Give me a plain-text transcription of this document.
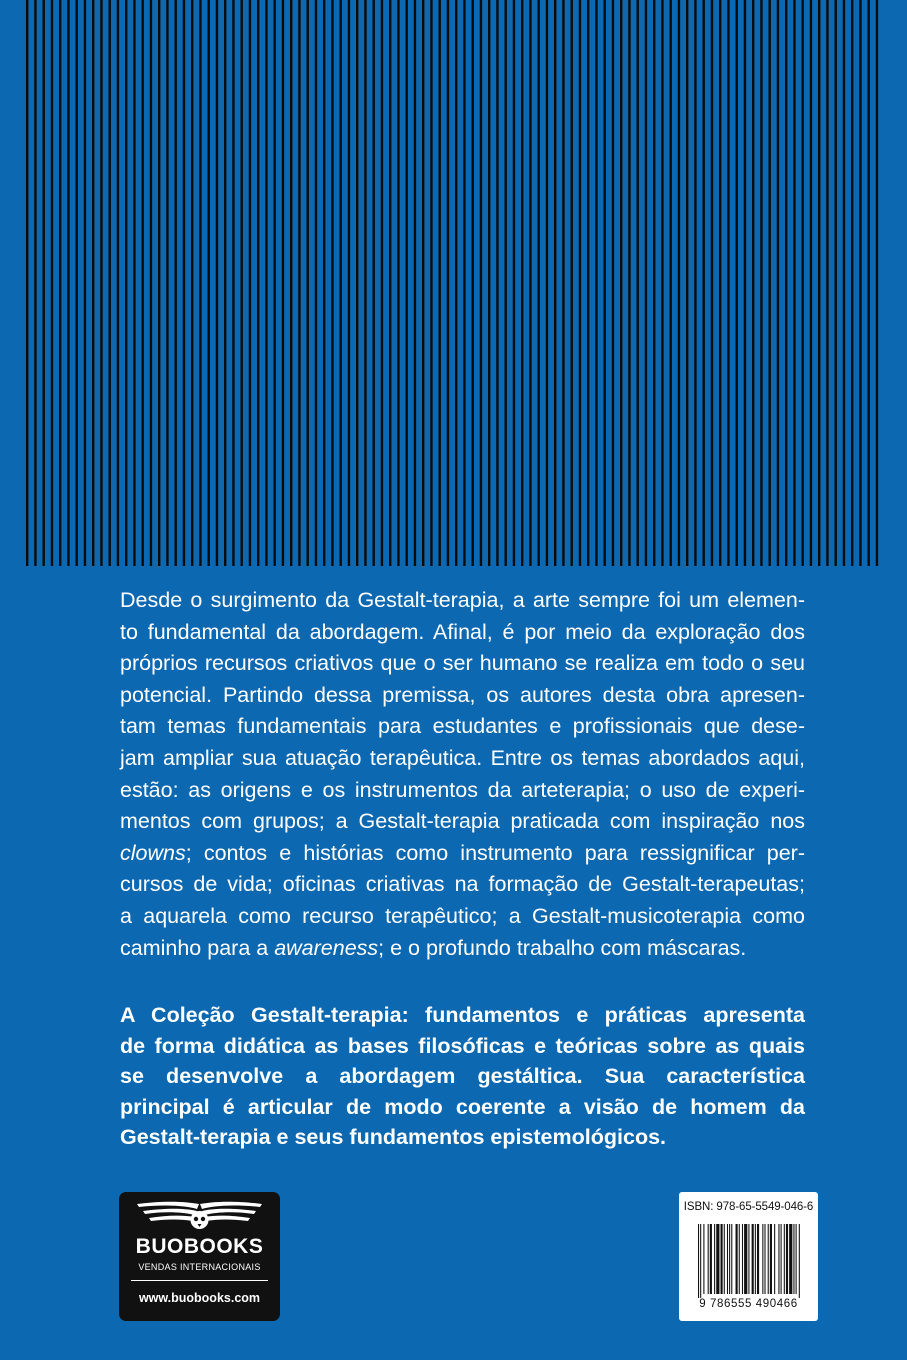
Desde o surgimento da Gestalt-terapia, a arte sempre foi um elemen-
to fundamental da abordagem. Afinal, é por meio da exploração dos
próprios recursos criativos que o ser humano se realiza em todo o seu
potencial. Partindo dessa premissa, os autores desta obra apresen-
tam temas fundamentais para estudantes e profissionais que dese-
jam ampliar sua atuação terapêutica. Entre os temas abordados aqui,
estão: as origens e os instrumentos da arteterapia; o uso de experi-
mentos com grupos; a Gestalt-terapia praticada com inspiração nos
clowns; contos e histórias como instrumento para ressignificar per-
cursos de vida; oficinas criativas na formação de Gestalt-terapeutas;
a aquarela como recurso terapêutico; a Gestalt-musicoterapia como
caminho para a awareness; e o profundo trabalho com máscaras.
A Coleção Gestalt-terapia: fundamentos e práticas apresenta
de forma didática as bases filosóficas e teóricas sobre as quais
se desenvolve a abordagem gestáltica. Sua característica
principal é articular de modo coerente a visão de homem da
Gestalt-terapia e seus fundamentos epistemológicos.
BUOBOOKS
VENDAS INTERNACIONAIS
www.buobooks.com
ISBN: 978-65-5549-046-6
9 786555 490466
